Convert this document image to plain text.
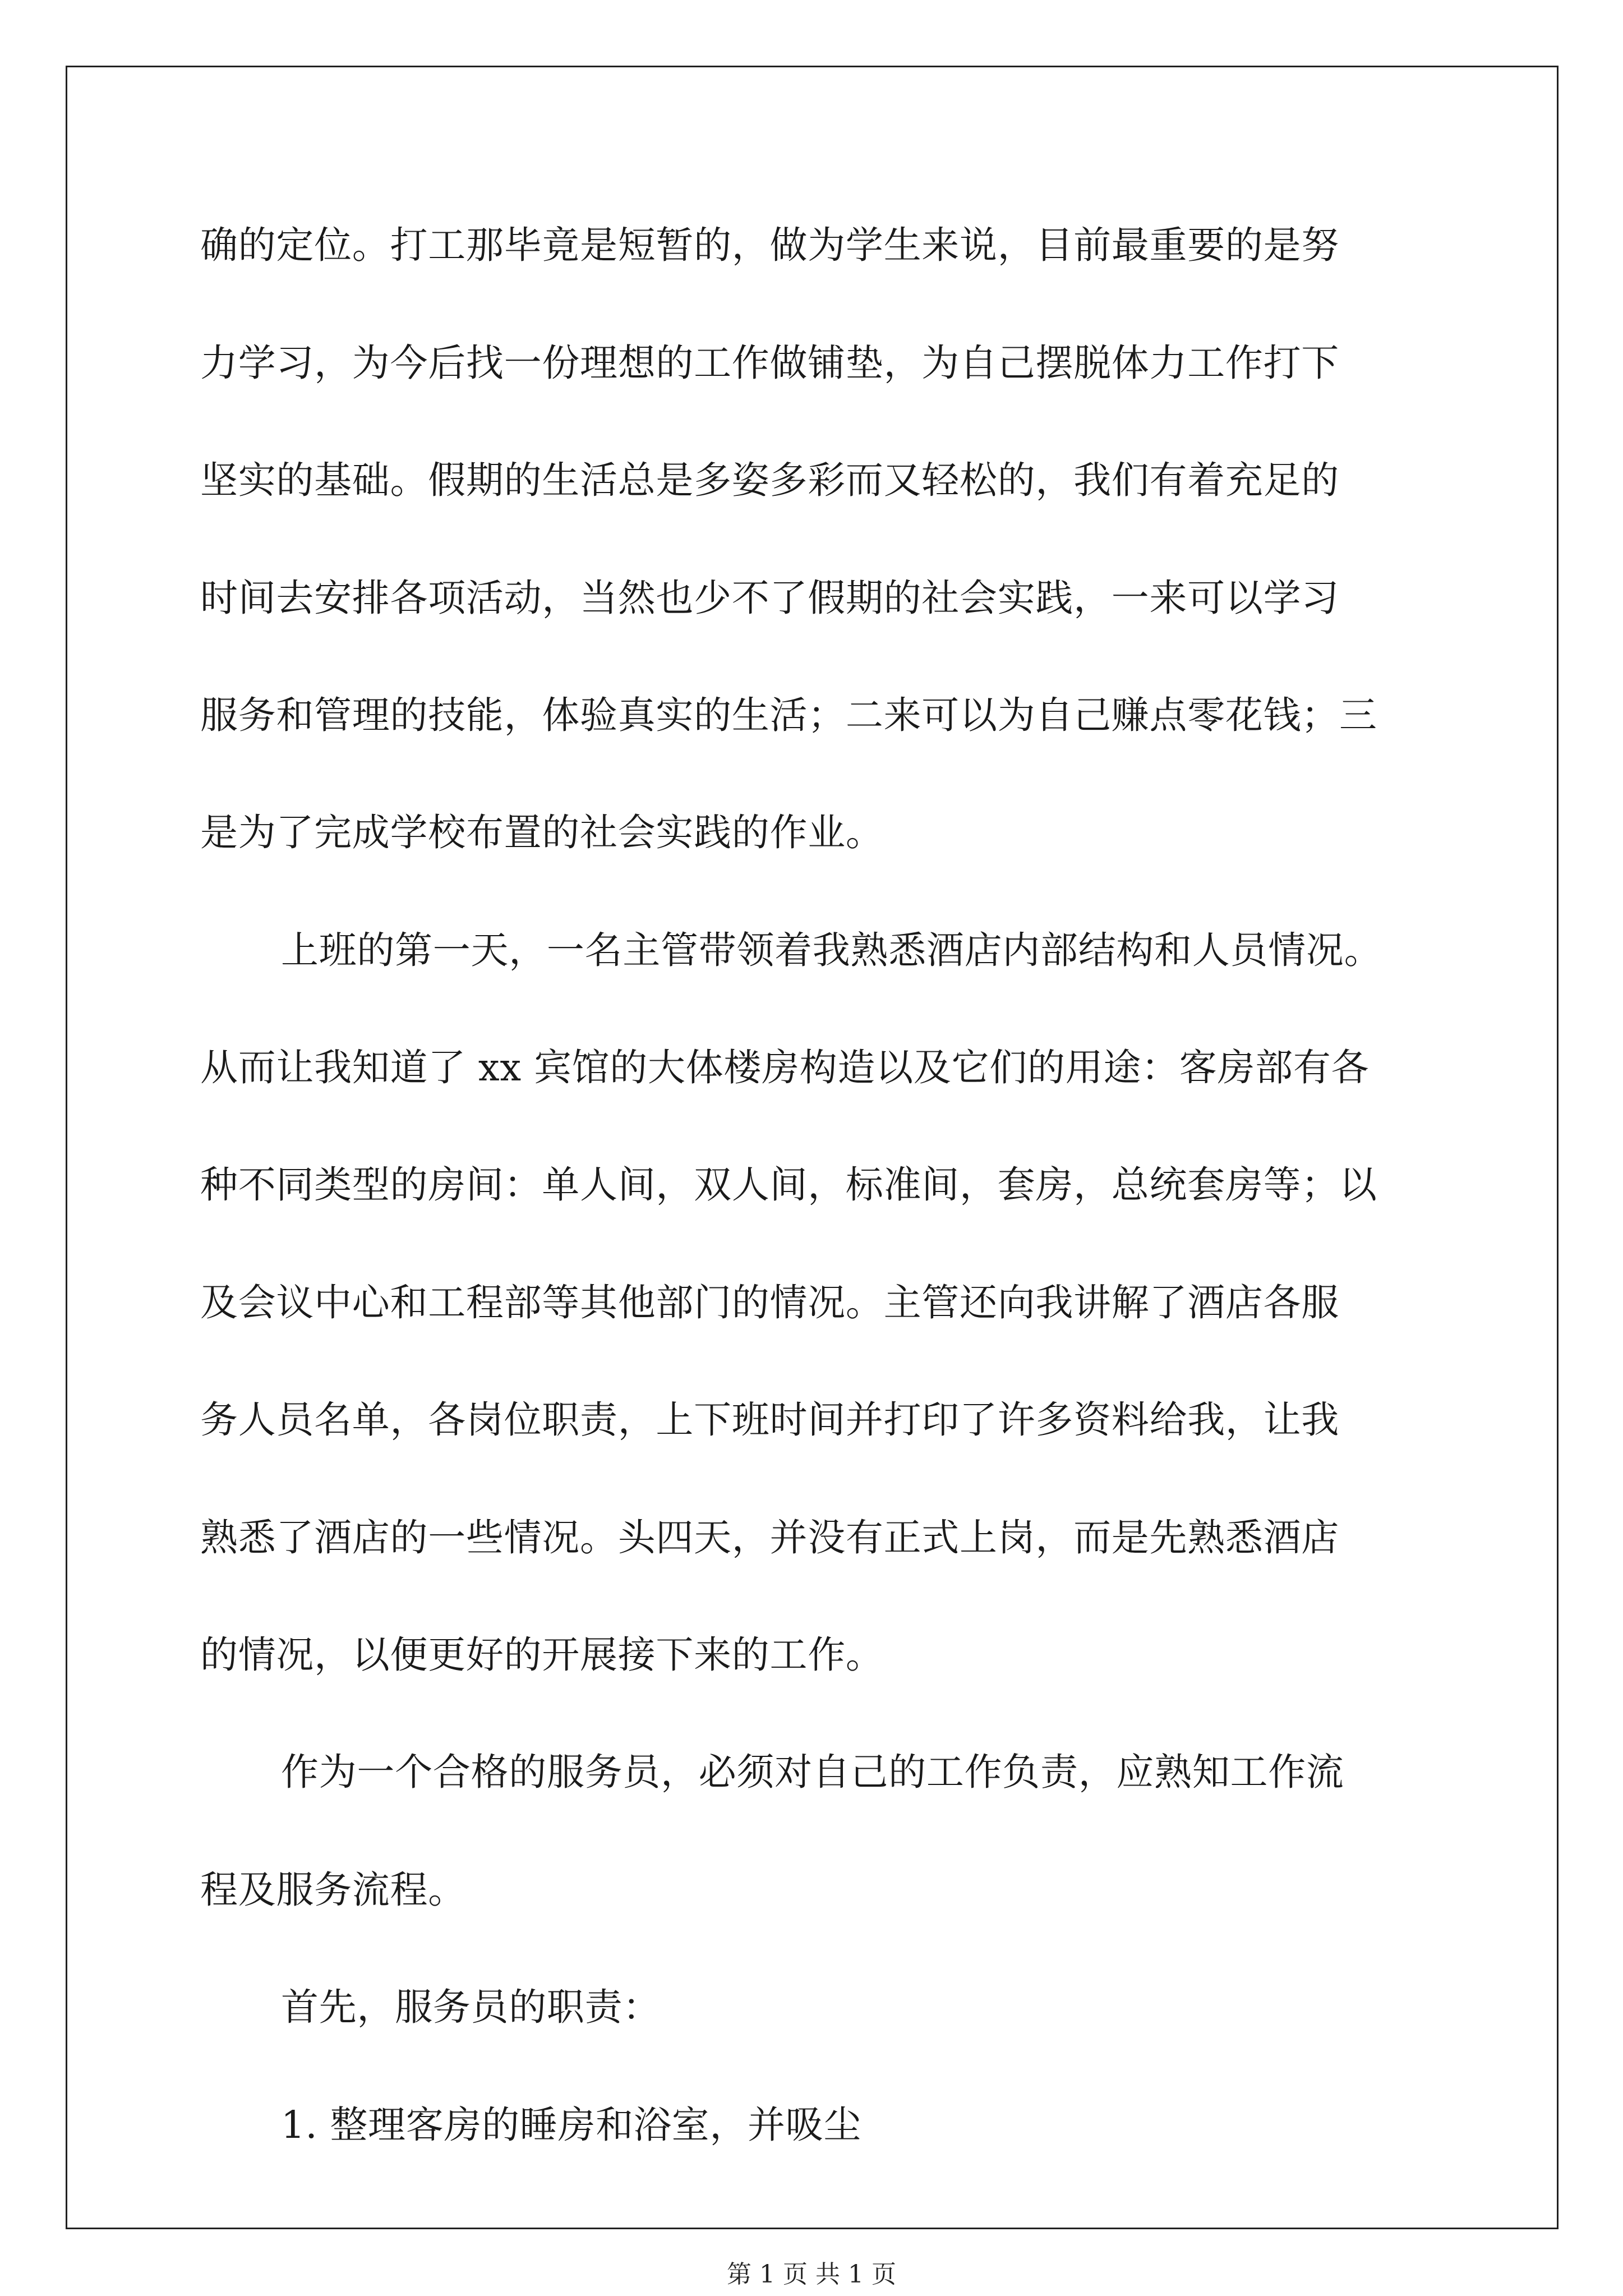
确的定位。打工那毕竟是短暂的，做为学生来说，目前最重要的是努
力学习，为今后找一份理想的工作做铺垫，为自己摆脱体力工作打下
坚实的基础。假期的生活总是多姿多彩而又轻松的，我们有着充足的
时间去安排各项活动，当然也少不了假期的社会实践，一来可以学习
服务和管理的技能，体验真实的生活；二来可以为自己赚点零花钱；三
是为了完成学校布置的社会实践的作业。
上班的第一天，一名主管带领着我熟悉酒店内部结构和人员情况。
从而让我知道了 xx 宾馆的大体楼房构造以及它们的用途：客房部有各
种不同类型的房间：单人间，双人间，标准间，套房，总统套房等；以
及会议中心和工程部等其他部门的情况。主管还向我讲解了酒店各服
务人员名单，各岗位职责，上下班时间并打印了许多资料给我，让我
熟悉了酒店的一些情况。头四天，并没有正式上岗，而是先熟悉酒店
的情况，以便更好的开展接下来的工作。
作为一个合格的服务员，必须对自己的工作负责，应熟知工作流
程及服务流程。
首先，服务员的职责：
1. 整理客房的睡房和浴室，并吸尘
第 1 页 共 1 页
